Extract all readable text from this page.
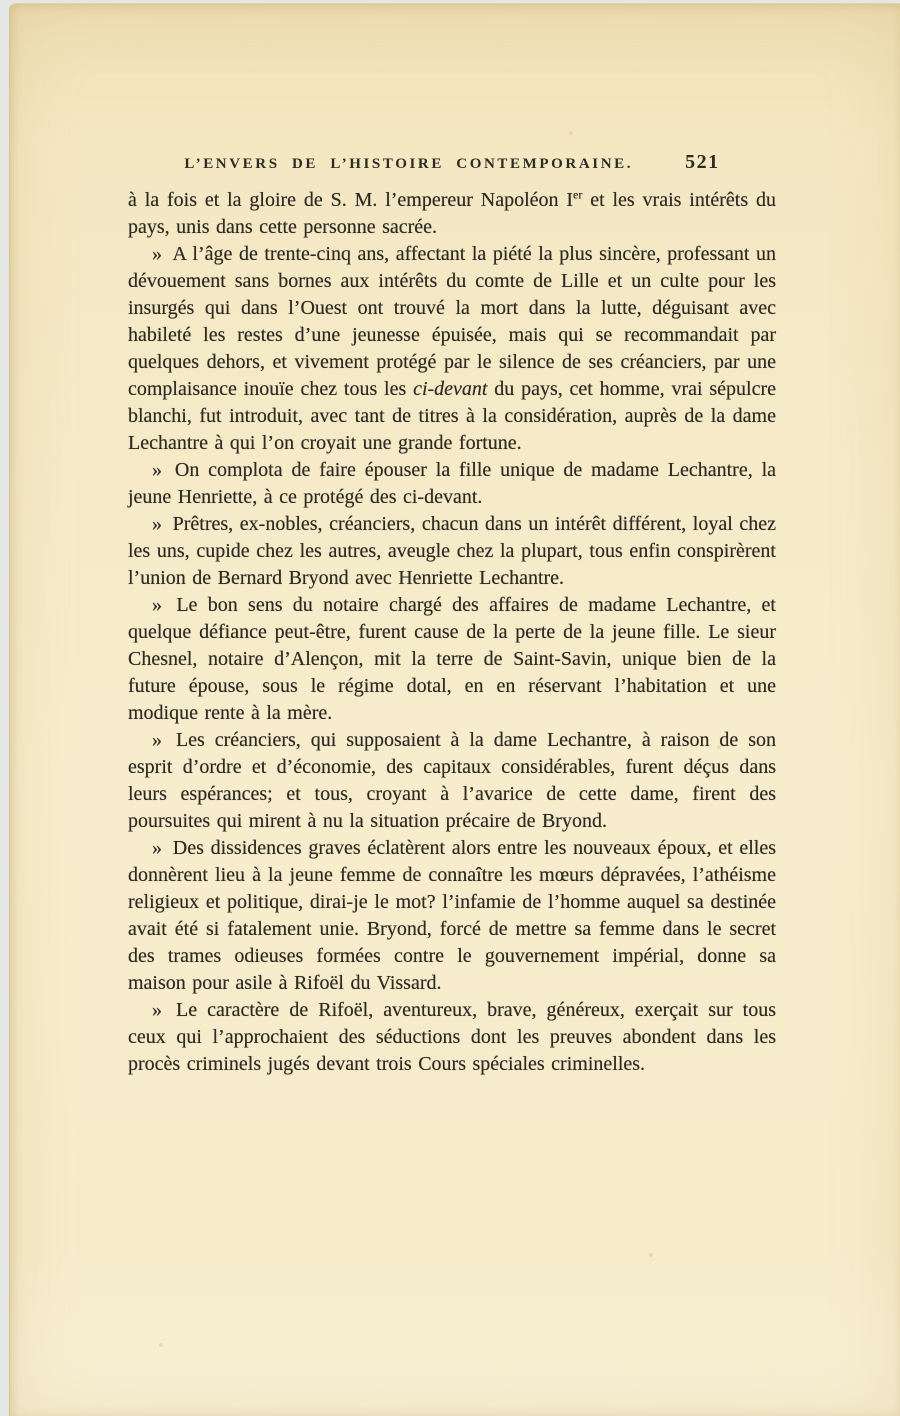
L’ENVERS DE L’HISTOIRE CONTEMPORAINE.	521

à la fois et la gloire de S. M. l’empereur Napoléon Ier et les vrais intérêts du pays, unis dans cette personne sacrée.

» A l’âge de trente-cinq ans, affectant la piété la plus sincère, professant un dévouement sans bornes aux intérêts du comte de Lille et un culte pour les insurgés qui dans l’Ouest ont trouvé la mort dans la lutte, déguisant avec habileté les restes d’une jeunesse épuisée, mais qui se recommandait par quelques dehors, et vivement protégé par le silence de ses créanciers, par une complaisance inouïe chez tous les ci-devant du pays, cet homme, vrai sépulcre blanchi, fut introduit, avec tant de titres à la considération, auprès de la dame Lechantre à qui l’on croyait une grande fortune.

» On complota de faire épouser la fille unique de madame Lechantre, la jeune Henriette, à ce protégé des ci-devant.

» Prêtres, ex-nobles, créanciers, chacun dans un intérêt différent, loyal chez les uns, cupide chez les autres, aveugle chez la plupart, tous enfin conspirèrent l’union de Bernard Bryond avec Henriette Lechantre.

» Le bon sens du notaire chargé des affaires de madame Lechantre, et quelque défiance peut-être, furent cause de la perte de la jeune fille. Le sieur Chesnel, notaire d’Alençon, mit la terre de Saint-Savin, unique bien de la future épouse, sous le régime dotal, en en réservant l’habitation et une modique rente à la mère.

» Les créanciers, qui supposaient à la dame Lechantre, à raison de son esprit d’ordre et d’économie, des capitaux considérables, furent déçus dans leurs espérances; et tous, croyant à l’avarice de cette dame, firent des poursuites qui mirent à nu la situation précaire de Bryond.

» Des dissidences graves éclatèrent alors entre les nouveaux époux, et elles donnèrent lieu à la jeune femme de connaître les mœurs dépravées, l’athéisme religieux et politique, dirai-je le mot? l’infamie de l’homme auquel sa destinée avait été si fatalement unie. Bryond, forcé de mettre sa femme dans le secret des trames odieuses formées contre le gouvernement impérial, donne sa maison pour asile à Rifoël du Vissard.

» Le caractère de Rifoël, aventureux, brave, généreux, exerçait sur tous ceux qui l’approchaient des séductions dont les preuves abondent dans les procès criminels jugés devant trois Cours spéciales criminelles.
